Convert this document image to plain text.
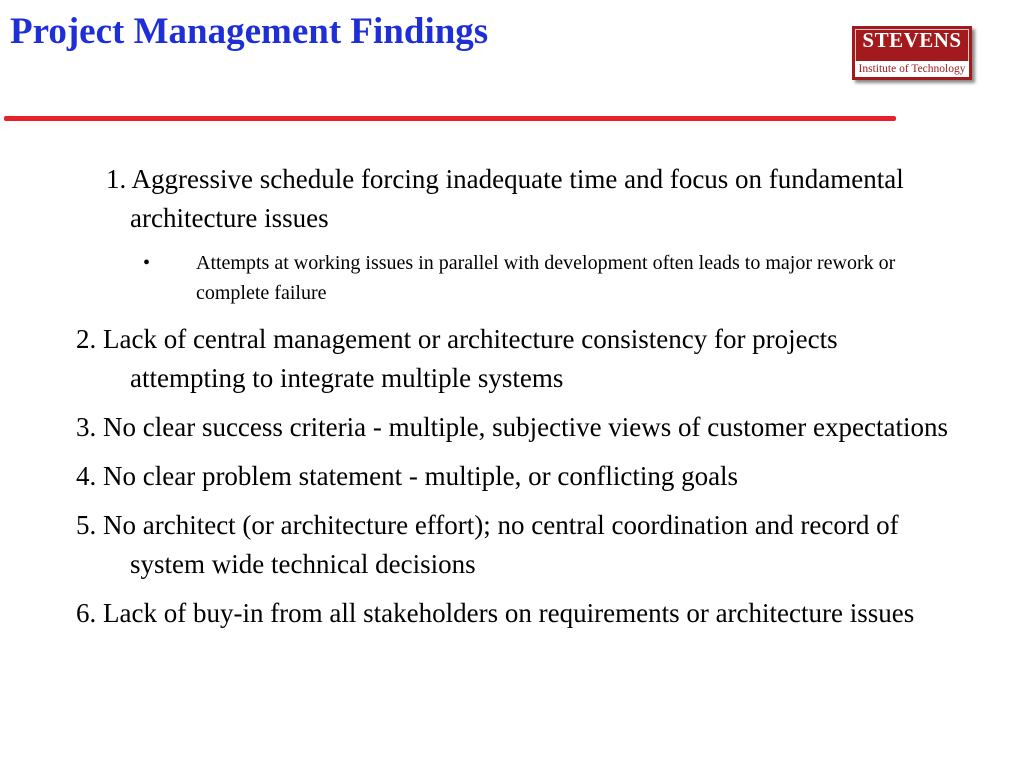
Project Management Findings	STEVENS
Institute of Technology
1. Aggressive schedule forcing inadequate time and focus on fundamental architecture issues
• Attempts at working issues in parallel with development often leads to major rework or complete failure
2. Lack of central management or architecture consistency for projects attempting to integrate multiple systems
3. No clear success criteria - multiple, subjective views of customer expectations
4. No clear problem statement - multiple, or conflicting goals
5. No architect (or architecture effort); no central coordination and record of system wide technical decisions
6. Lack of buy-in from all stakeholders on requirements or architecture issues
